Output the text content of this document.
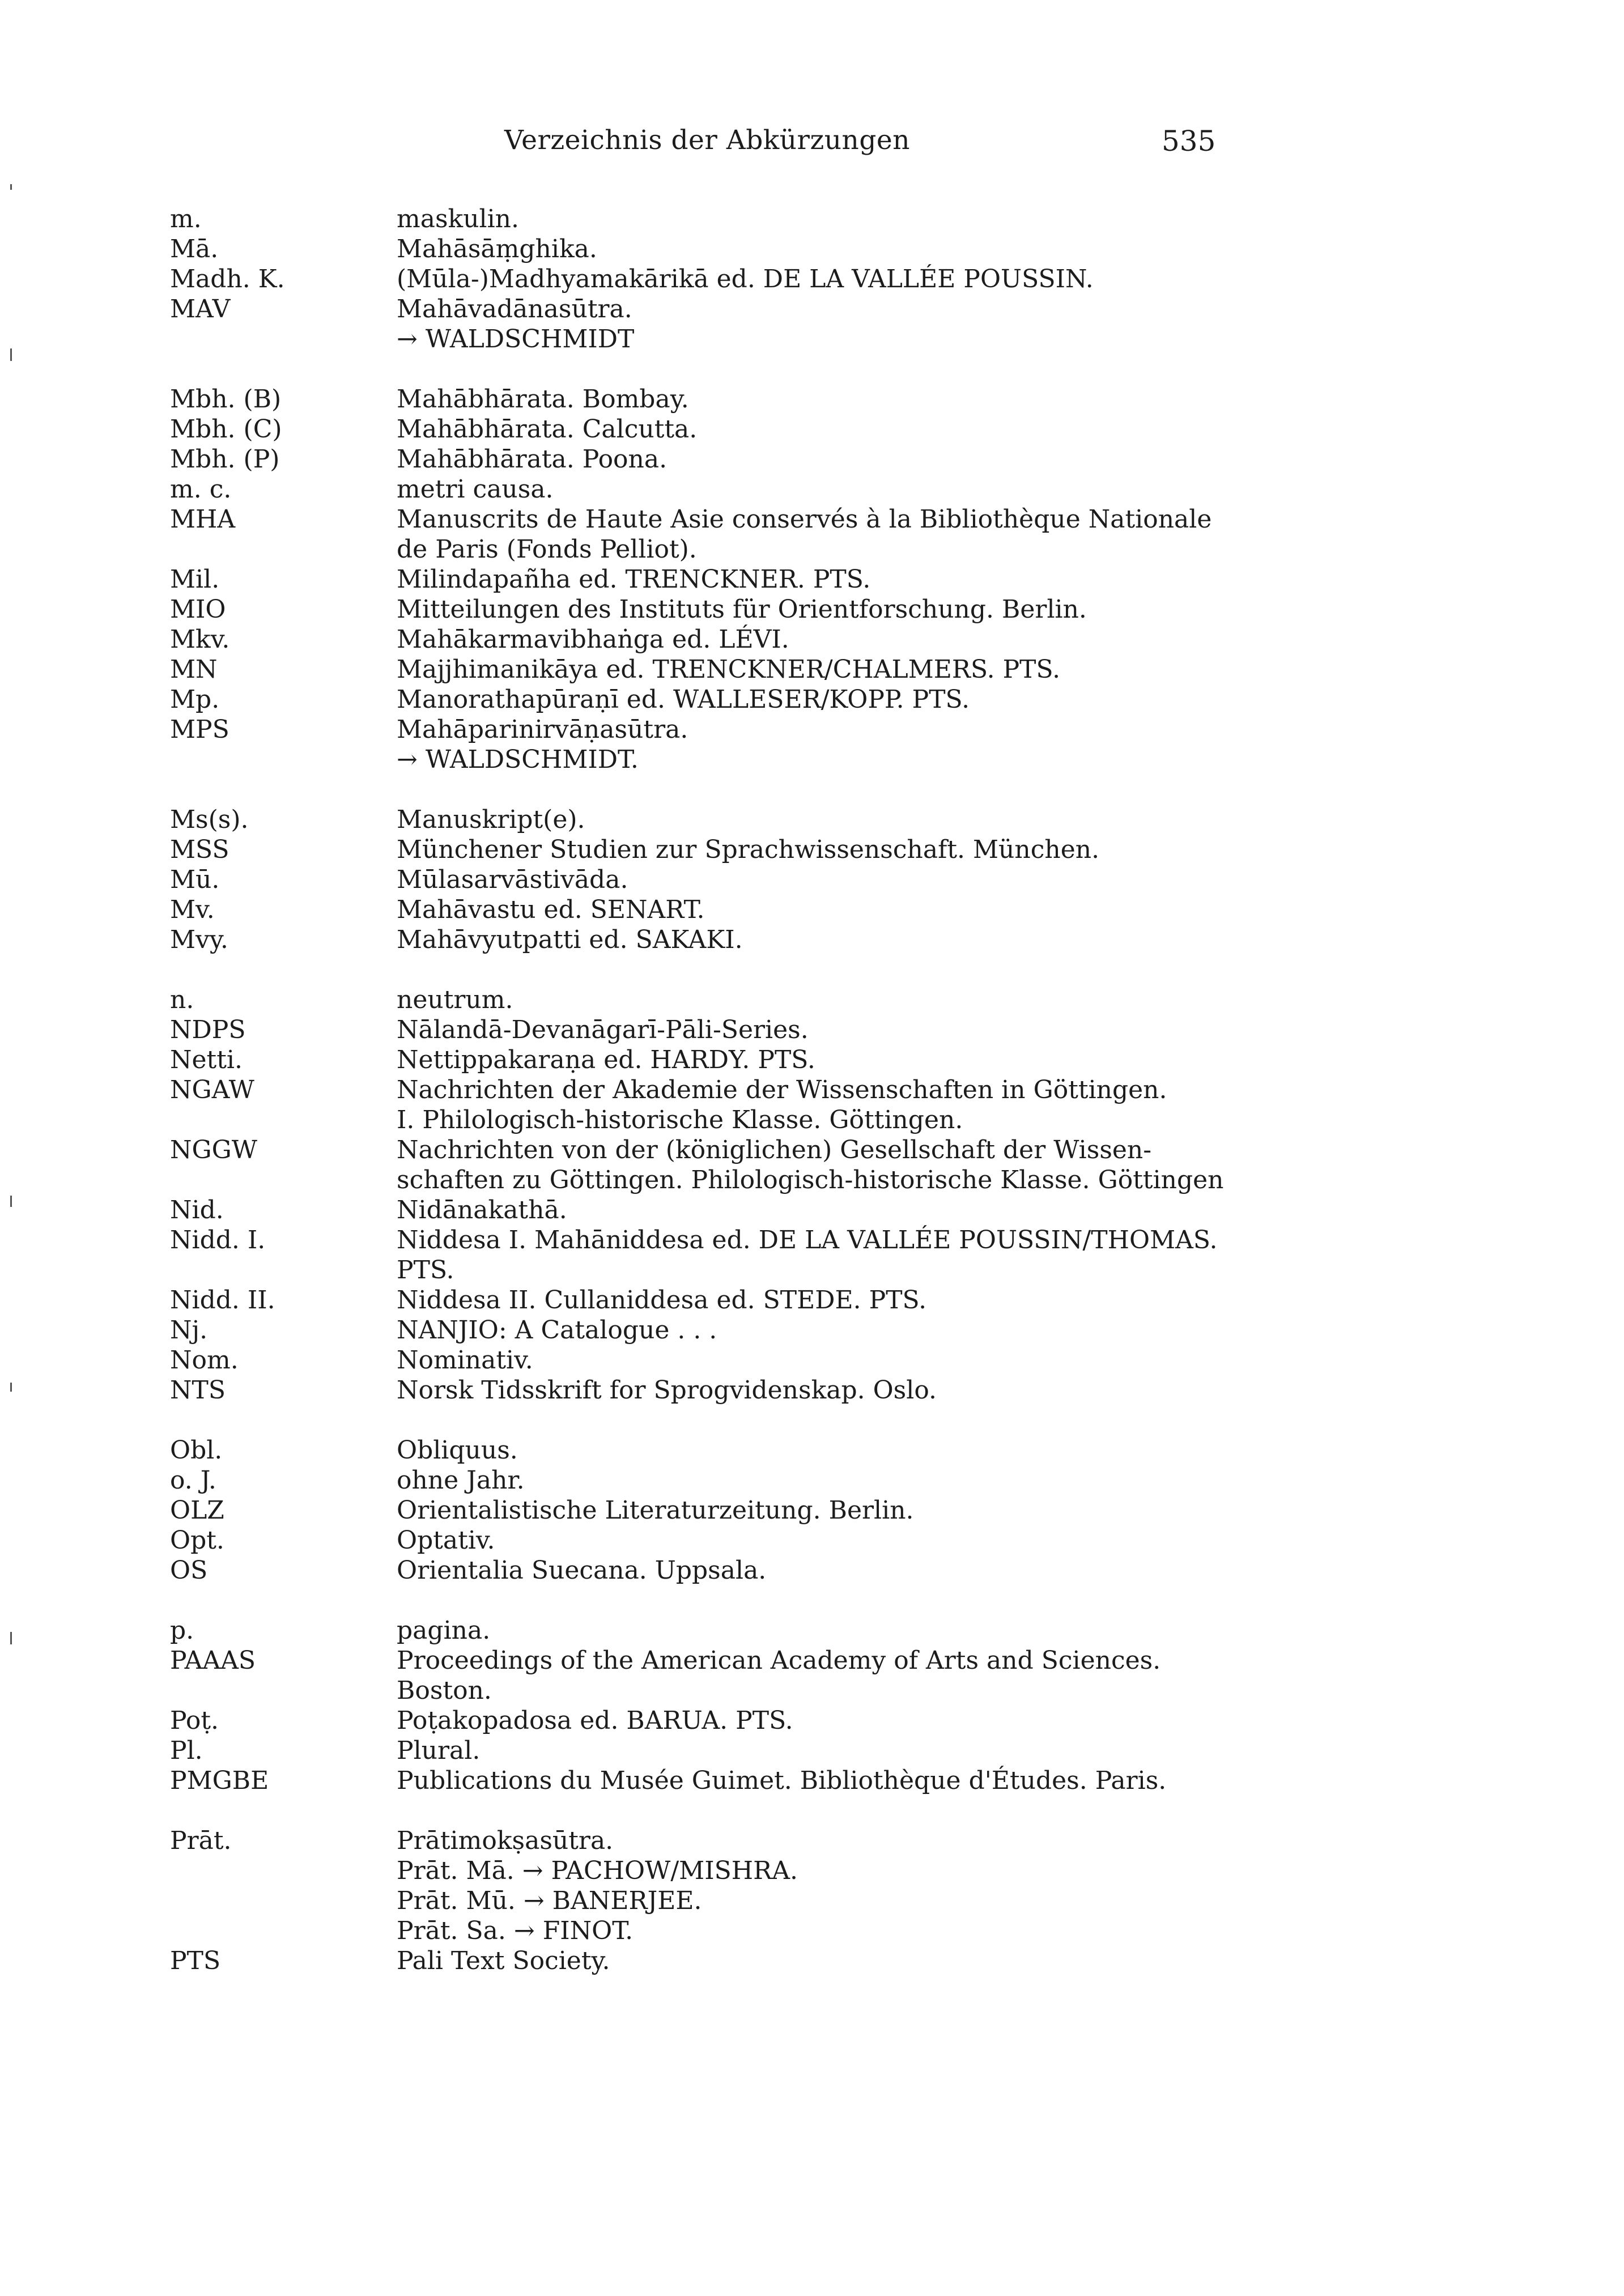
Verzeichnis der Abkürzungen	535
m.	maskulin.
Mā.	Mahāsāṃghika.
Madh. K.	(Mūla-)Madhyamakārikā ed. DE LA VALLÉE POUSSIN.
MAV	Mahāvadānasūtra.
→ WALDSCHMIDT
Mbh. (B)	Mahābhārata. Bombay.
Mbh. (C)	Mahābhārata. Calcutta.
Mbh. (P)	Mahābhārata. Poona.
m. c.	metri causa.
MHA	Manuscrits de Haute Asie conservés à la Bibliothèque Nationale
de Paris (Fonds Pelliot).
Mil.	Milindapañha ed. TRENCKNER. PTS.
MIO	Mitteilungen des Instituts für Orientforschung. Berlin.
Mkv.	Mahākarmavibhaṅga ed. LÉVI.
MN	Majjhimanikāya ed. TRENCKNER/CHALMERS. PTS.
Mp.	Manorathapūraṇī ed. WALLESER/KOPP. PTS.
MPS	Mahāparinirvāṇasūtra.
→ WALDSCHMIDT.
Ms(s).	Manuskript(e).
MSS	Münchener Studien zur Sprachwissenschaft. München.
Mū.	Mūlasarvāstivāda.
Mv.	Mahāvastu ed. SENART.
Mvy.	Mahāvyutpatti ed. SAKAKI.
n.	neutrum.
NDPS	Nālandā-Devanāgarī-Pāli-Series.
Netti.	Nettippakaraṇa ed. HARDY. PTS.
NGAW	Nachrichten der Akademie der Wissenschaften in Göttingen.
I. Philologisch-historische Klasse. Göttingen.
NGGW	Nachrichten von der (königlichen) Gesellschaft der Wissen-
schaften zu Göttingen. Philologisch-historische Klasse. Göttingen
Nid.	Nidānakathā.
Nidd. I.	Niddesa I. Mahāniddesa ed. DE LA VALLÉE POUSSIN/THOMAS.
PTS.
Nidd. II.	Niddesa II. Cullaniddesa ed. STEDE. PTS.
Nj.	NANJIO: A Catalogue . . .
Nom.	Nominativ.
NTS	Norsk Tidsskrift for Sprogvidenskap. Oslo.
Obl.	Obliquus.
o. J.	ohne Jahr.
OLZ	Orientalistische Literaturzeitung. Berlin.
Opt.	Optativ.
OS	Orientalia Suecana. Uppsala.
p.	pagina.
PAAAS	Proceedings of the American Academy of Arts and Sciences.
Boston.
Poṭ.	Poṭakopadosa ed. BARUA. PTS.
Pl.	Plural.
PMGBE	Publications du Musée Guimet. Bibliothèque d'Études. Paris.
Prāt.	Prātimokṣasūtra.
Prāt. Mā. → PACHOW/MISHRA.
Prāt. Mū. → BANERJEE.
Prāt. Sa. → FINOT.
PTS	Pali Text Society.
